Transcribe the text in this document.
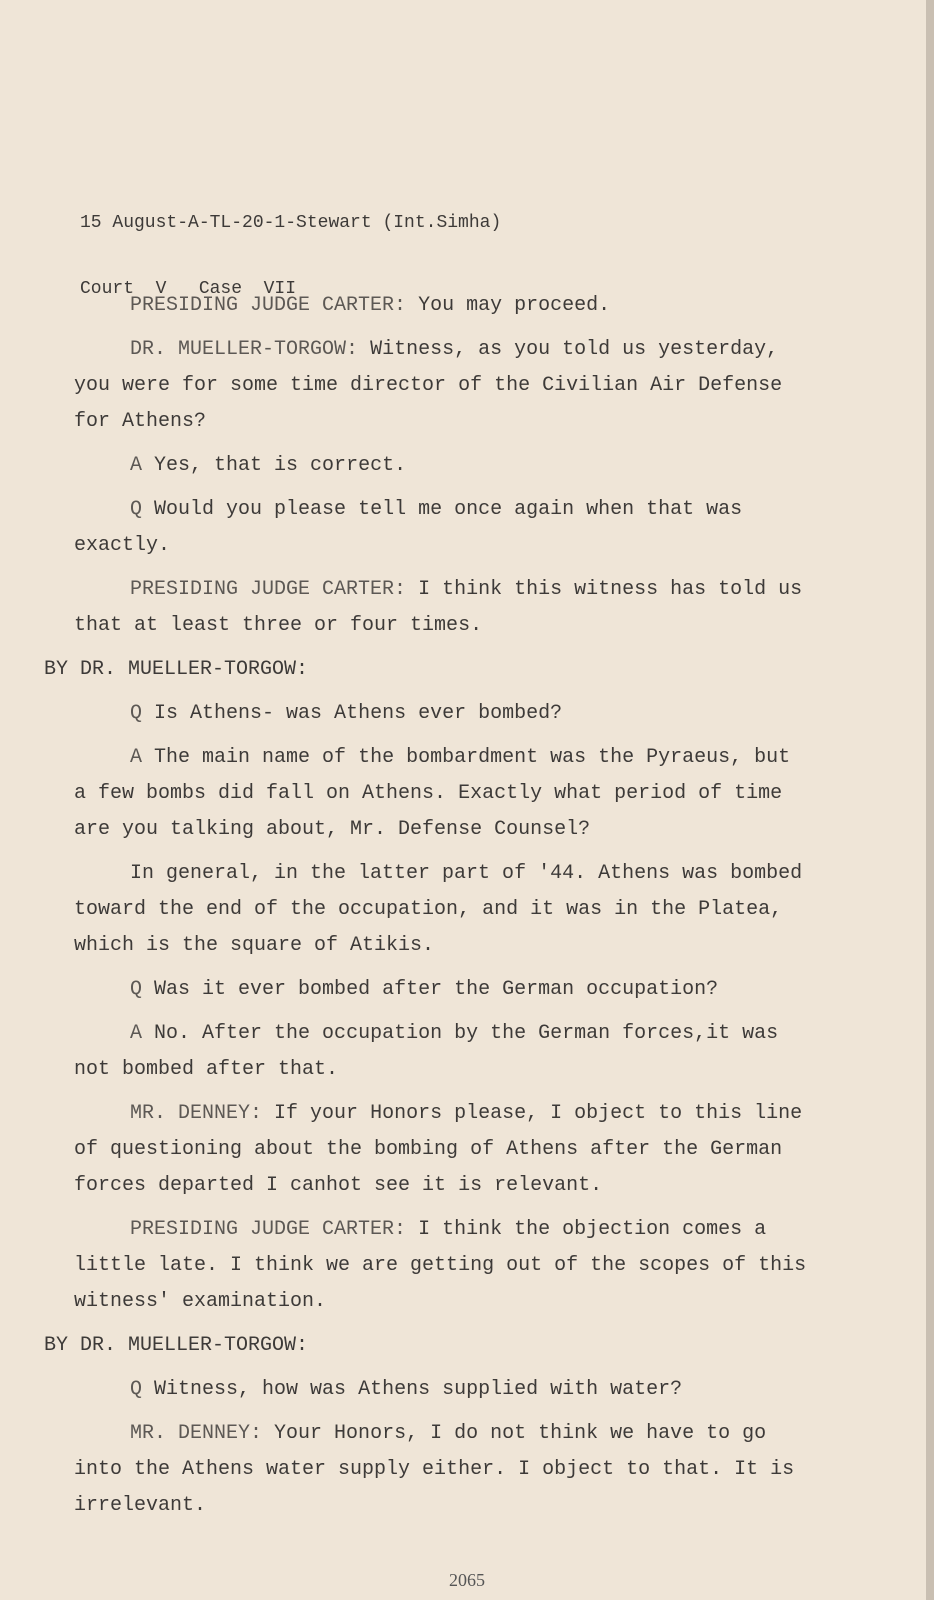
15 August-A-TL-20-1-Stewart (Int.Simha)

Court  V   Case  VII

PRESIDING JUDGE CARTER: You may proceed.

DR. MUELLER-TORGOW: Witness, as you told us yesterday, you were for some time director of the Civilian Air Defense for Athens?

A Yes, that is correct.

Q Would you please tell me once again when that was exactly.

PRESIDING JUDGE CARTER: I think this witness has told us that at least three or four times.

BY DR. MUELLER-TORGOW:

Q Is Athens- was Athens ever bombed?

A The main name of the bombardment was the Pyraeus, but a few bombs did fall on Athens. Exactly what period of time are you talking about, Mr. Defense Counsel?

In general, in the latter part of '44. Athens was bombed toward the end of the occupation, and it was in the Platea, which is the square of Atikis.

Q Was it ever bombed after the German occupation?

A No. After the occupation by the German forces,it was not bombed after that.

MR. DENNEY: If your Honors please, I object to this line of questioning about the bombing of Athens after the German forces departed I canhot see it is relevant.

PRESIDING JUDGE CARTER: I think the objection comes a little late. I think we are getting out of the scopes of this witness' examination.

BY DR. MUELLER-TORGOW:

Q Witness, how was Athens supplied with water?

MR. DENNEY: Your Honors, I do not think we have to go into the Athens water supply either. I object to that. It is irrelevant.

2065
